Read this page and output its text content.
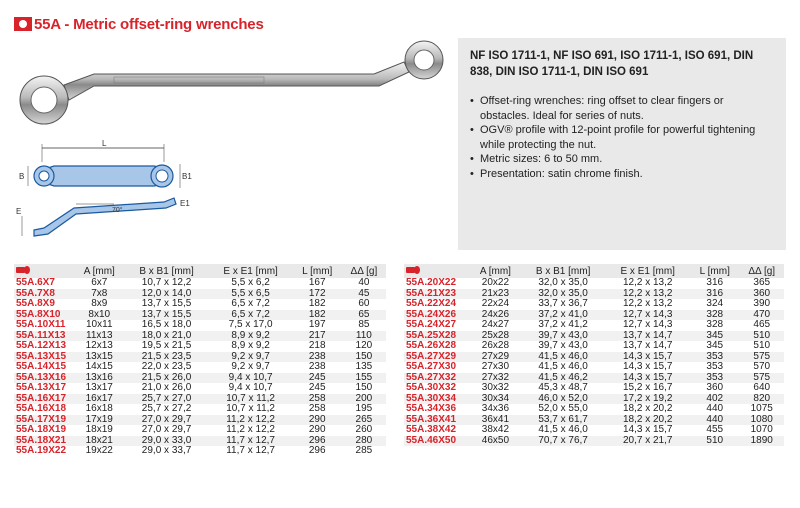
55A - Metric offset-ring wrenches
L
B	B1
E
E1
70°
NF ISO 1711-1, NF ISO 691, ISO 1711-1, ISO 691, DIN 838, DIN ISO 1711-1, DIN ISO 691
• Offset-ring wrenches: ring offset to clear fingers or obstacles. Ideal for series of nuts.
• OGV® profile with 12-point profile for powerful tightening while protecting the nut.
• Metric sizes: 6 to 50 mm.
• Presentation: satin chrome finish.
	A [mm]	B x B1 [mm]	E x E1 [mm]	L [mm]	ΔΔ [g]
55A.6X7	6x7	10,7 x 12,2	5,5 x 6,2	167	40
55A.7X8	7x8	12,0 x 14,0	5,5 x 6,5	172	45
55A.8X9	8x9	13,7 x 15,5	6,5 x 7,2	182	60
55A.8X10	8x10	13,7 x 15,5	6,5 x 7,2	182	65
55A.10X11	10x11	16,5 x 18,0	7,5 x 17,0	197	85
55A.11X13	11x13	18,0 x 21,0	8,9 x 9,2	217	110
55A.12X13	12x13	19,5 x 21,5	8,9 x 9,2	218	120
55A.13X15	13x15	21,5 x 23,5	9,2 x 9,7	238	150
55A.14X15	14x15	22,0 x 23,5	9,2 x 9,7	238	135
55A.13X16	13x16	21,5 x 26,0	9,4 x 10,7	245	155
55A.13X17	13x17	21,0 x 26,0	9,4 x 10,7	245	150
55A.16X17	16x17	25,7 x 27,0	10,7 x 11,2	258	200
55A.16X18	16x18	25,7 x 27,2	10,7 x 11,2	258	195
55A.17X19	17x19	27,0 x 29,7	11,2 x 12,2	290	265
55A.18X19	18x19	27,0 x 29,7	11,2 x 12,2	290	260
55A.18X21	18x21	29,0 x 33,0	11,7 x 12,7	296	280
55A.19X22	19x22	29,0 x 33,7	11,7 x 12,7	296	285
	A [mm]	B x B1 [mm]	E x E1 [mm]	L [mm]	ΔΔ [g]
55A.20X22	20x22	32,0 x 35,0	12,2 x 13,2	316	365
55A.21X23	21x23	32,0 x 35,0	12,2 x 13,2	316	360
55A.22X24	22x24	33,7 x 36,7	12,2 x 13,2	324	390
55A.24X26	24x26	37,2 x 41,0	12,7 x 14,3	328	470
55A.24X27	24x27	37,2 x 41,2	12,7 x 14,3	328	465
55A.25X28	25x28	39,7 x 43,0	13,7 x 14,7	345	510
55A.26X28	26x28	39,7 x 43,0	13,7 x 14,7	345	510
55A.27X29	27x29	41,5 x 46,0	14,3 x 15,7	353	575
55A.27X30	27x30	41,5 x 46,0	14,3 x 15,7	353	570
55A.27X32	27x32	41,5 x 46,2	14,3 x 15,7	353	575
55A.30X32	30x32	45,3 x 48,7	15,2 x 16,7	360	640
55A.30X34	30x34	46,0 x 52,0	17,2 x 19,2	402	820
55A.34X36	34x36	52,0 x 55,0	18,2 x 20,2	440	1075
55A.36X41	36x41	53,7 x 61,7	18,2 x 20,2	440	1080
55A.38X42	38x42	41,5 x 46,0	14,3 x 15,7	455	1070
55A.46X50	46x50	70,7 x 76,7	20,7 x 21,7	510	1890
